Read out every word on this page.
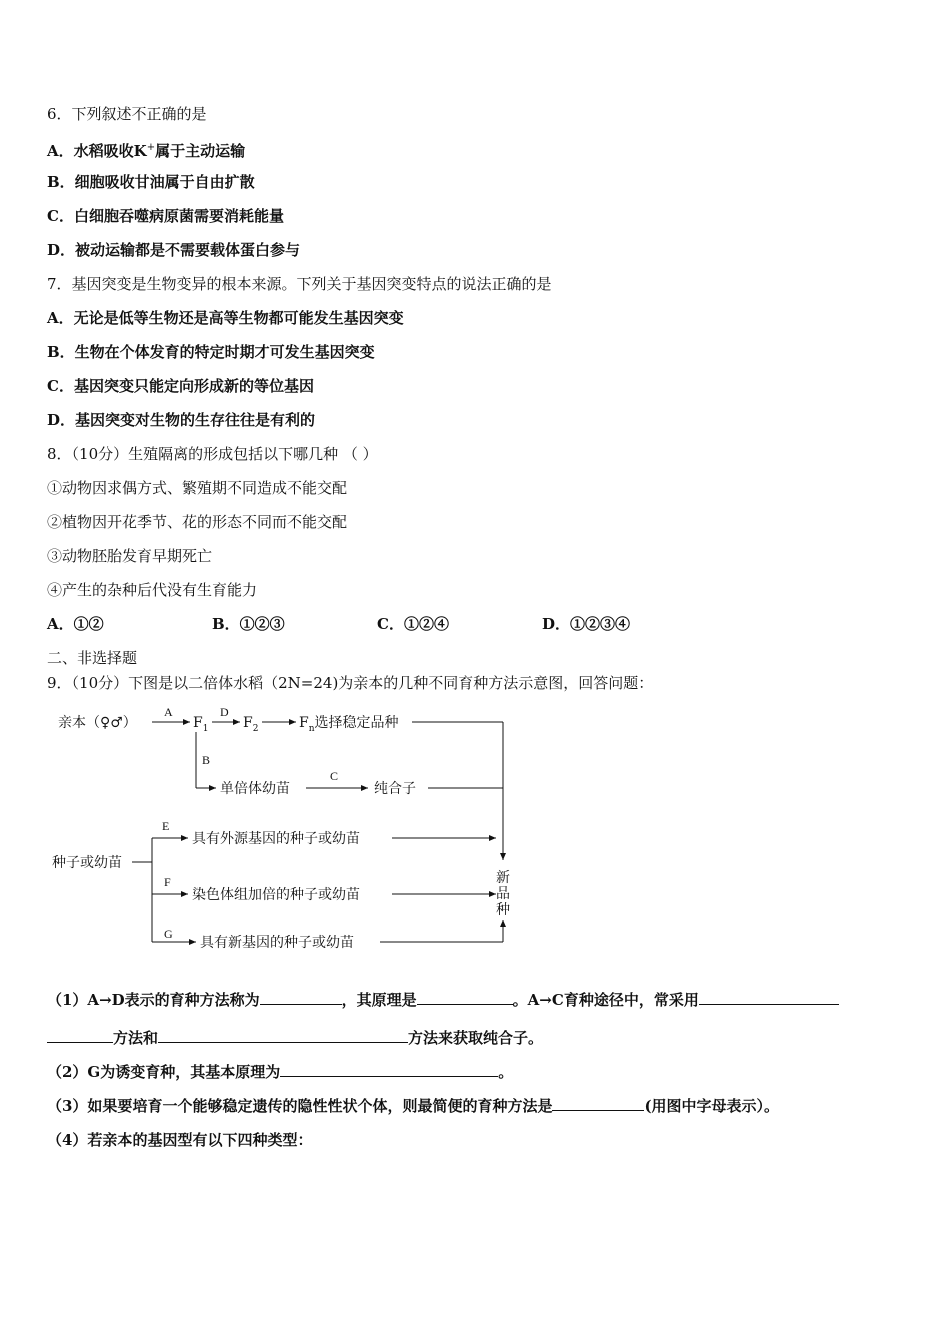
6．下列叙述不正确的是
A．水稻吸收K+属于主动运输
B．细胞吸收甘油属于自由扩散
C．白细胞吞噬病原菌需要消耗能量
D．被动运输都是不需要载体蛋白参与
7．基因突变是生物变异的根本来源。下列关于基因突变特点的说法正确的是
A．无论是低等生物还是高等生物都可能发生基因突变
B．生物在个体发育的特定时期才可发生基因突变
C．基因突变只能定向形成新的等位基因
D．基因突变对生物的生存往往是有利的
8．（10分）生殖隔离的形成包括以下哪几种 （ ）
①动物因求偶方式、繁殖期不同造成不能交配
②植物因开花季节、花的形态不同而不能交配
③动物胚胎发育早期死亡
④产生的杂种后代没有生育能力
A．①②	B．①②③	C．①②④	D．①②③④
二、非选择题
9．（10分）下图是以二倍体水稻（2N=24)为亲本的几种不同育种方法示意图，回答问题：
亲本（♀♂）
A
$F_1$
D
$F_2$	$F_n$选择稳定品种
B
单倍体幼苗
C
纯合子
种子或幼苗
E
具有外源基因的种子或幼苗
F
染色体组加倍的种子或幼苗
G
具有新基因的种子或幼苗
新
品
种
（1）A→D表示的育种方法称为	，其原理是	。A→C育种途径中，常采用
方法和	方法来获取纯合子。
（2）G为诱变育种，其基本原理为	。
（3）如果要培育一个能够稳定遗传的隐性性状个体，则最简便的育种方法是	(用图中字母表示）。
（4）若亲本的基因型有以下四种类型：
